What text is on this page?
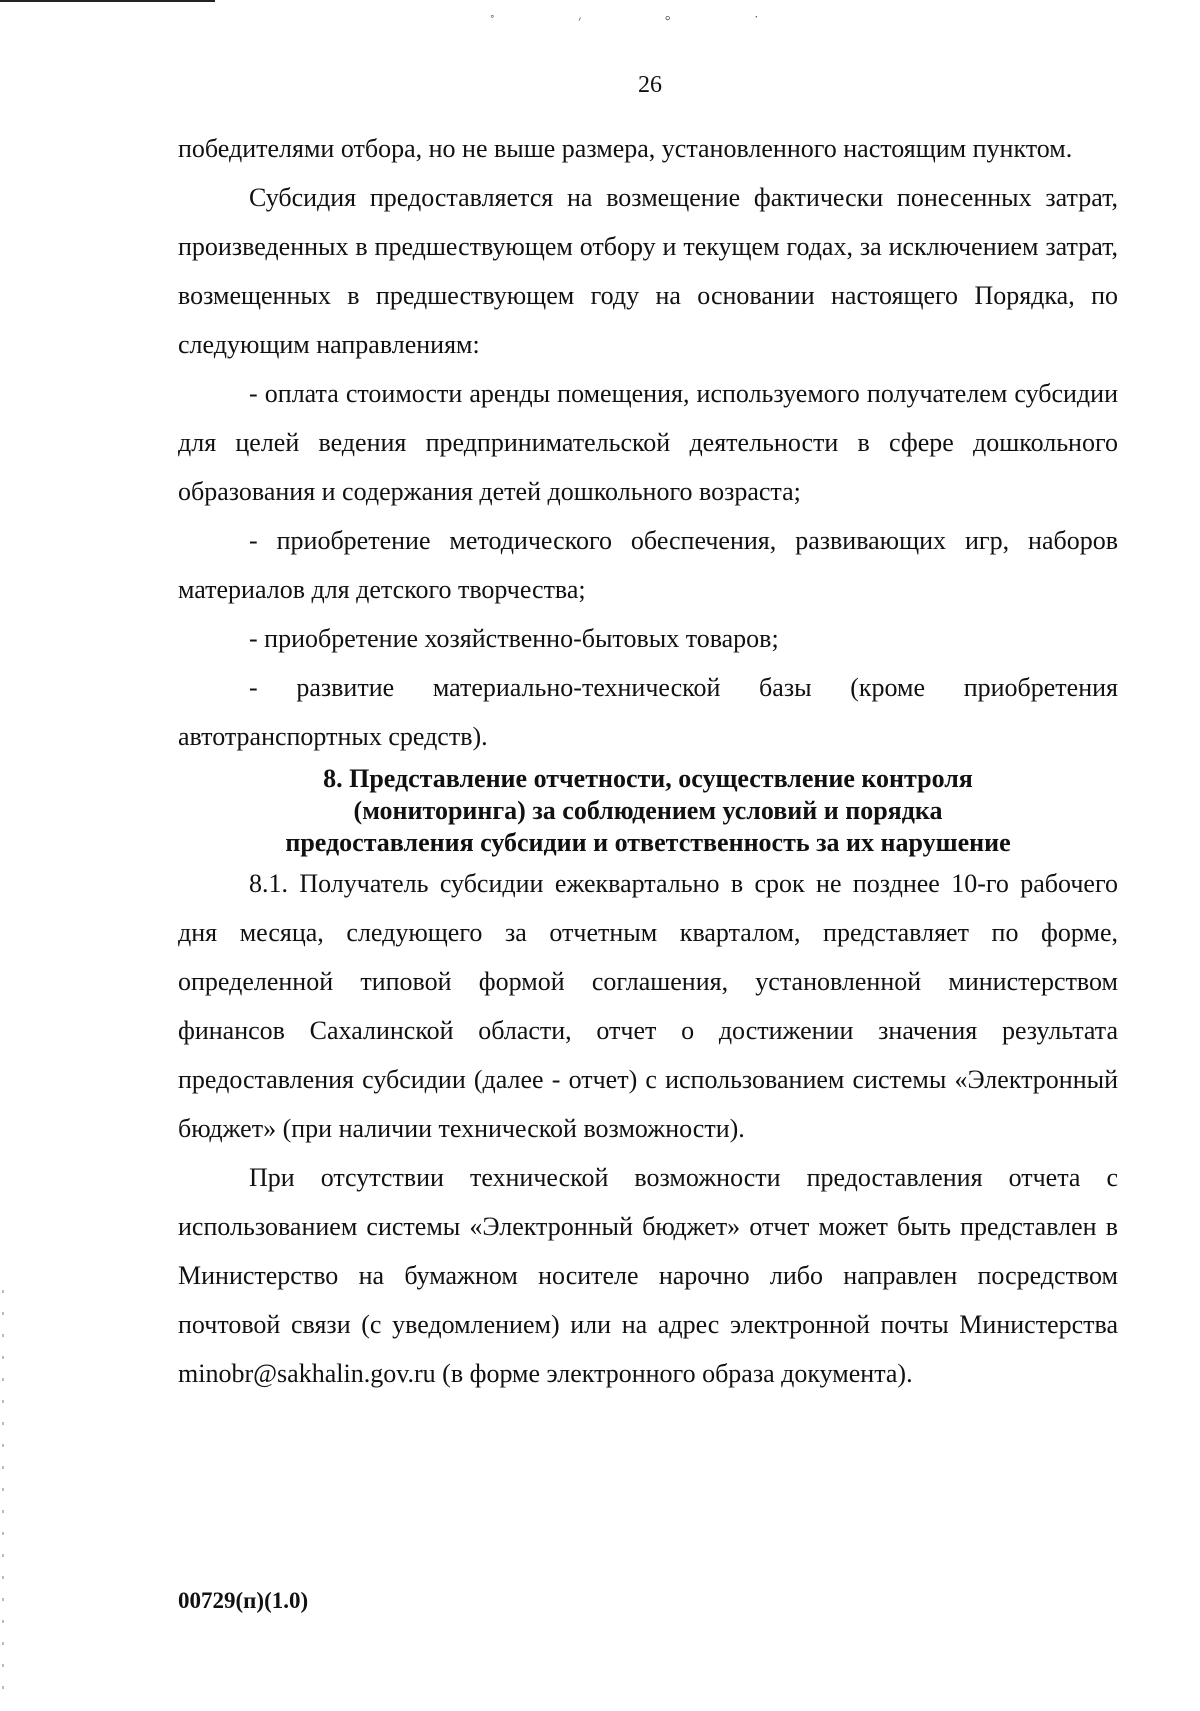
˚ ׳ ° ˙
26

победителями отбора, но не выше размера, установленного настоящим пунктом.

Субсидия предоставляется на возмещение фактически понесенных затрат, произведенных в предшествующем отбору и текущем годах, за исключением затрат, возмещенных в предшествующем году на основании настоящего Порядка, по следующим направлениям:

- оплата стоимости аренды помещения, используемого получателем субсидии для целей ведения предпринимательской деятельности в сфере дошкольного образования и содержания детей дошкольного возраста;

- приобретение методического обеспечения, развивающих игр, наборов материалов для детского творчества;

- приобретение хозяйственно-бытовых товаров;

- развитие материально-технической базы (кроме приобретения автотранспортных средств).

8. Представление отчетности, осуществление контроля
(мониторинга) за соблюдением условий и порядка
предоставления субсидии и ответственность за их нарушение

8.1. Получатель субсидии ежеквартально в срок не позднее 10-го рабочего дня месяца, следующего за отчетным кварталом, представляет по форме, определенной типовой формой соглашения, установленной министерством финансов Сахалинской области, отчет о достижении значения результата предоставления субсидии (далее - отчет) с использованием системы «Электронный бюджет» (при наличии технической возможности).

При отсутствии технической возможности предоставления отчета с использованием системы «Электронный бюджет» отчет может быть представлен в Министерство на бумажном носителе нарочно либо направлен посредством почтовой связи (с уведомлением) или на адрес электронной почты Министерства minobr@sakhalin.gov.ru (в форме электронного образа документа).

00729(п)(1.0)
